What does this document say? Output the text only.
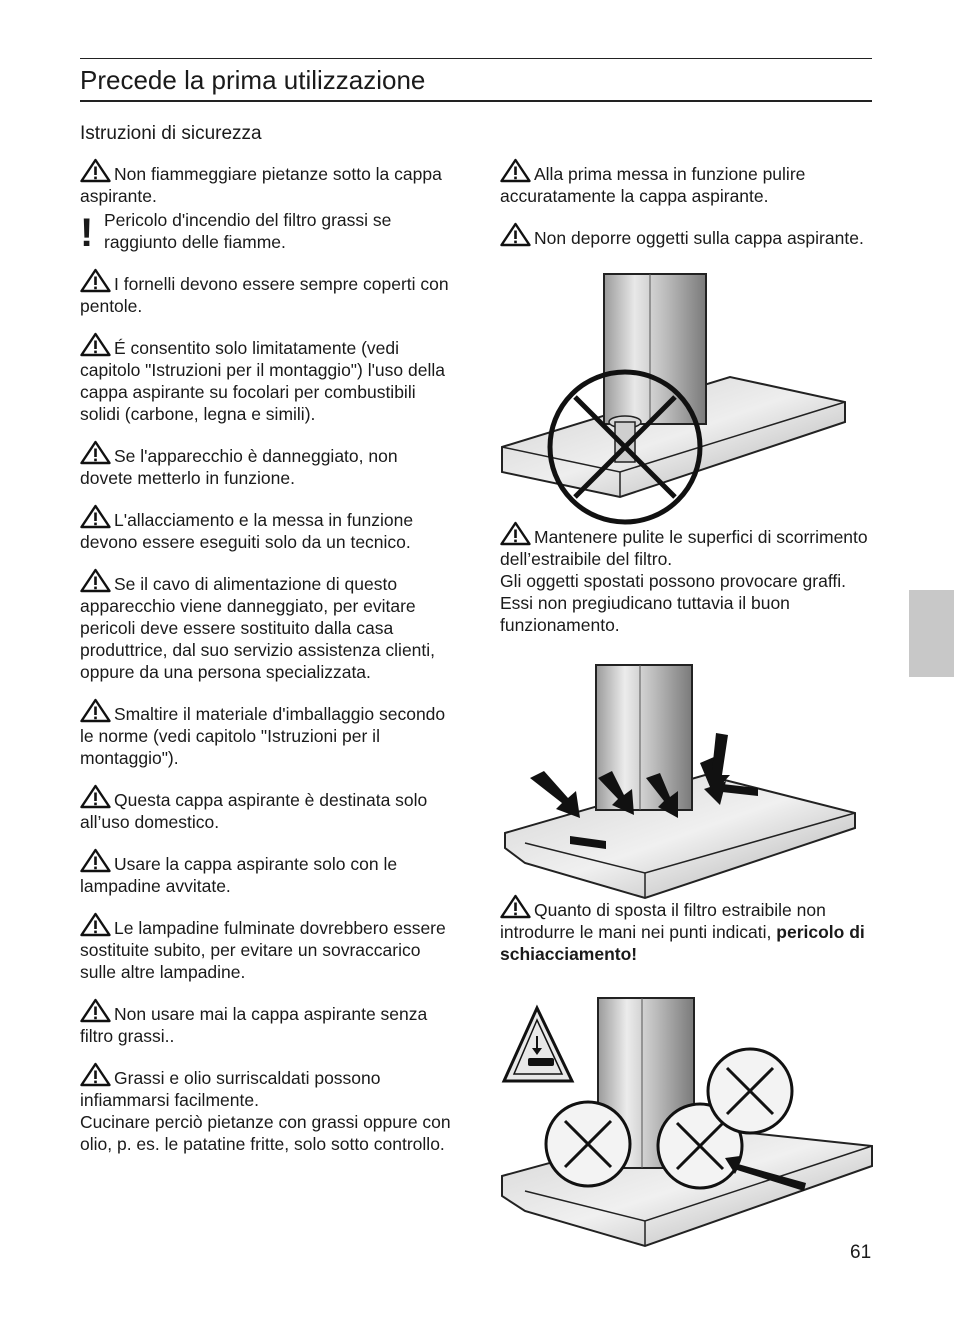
Precede la prima utilizzazione
Istruzioni di sicurezza

Non fiammeggiare pietanze sotto la cappa aspirante.

! Pericolo d'incendio del filtro grassi se raggiunto delle fiamme.

I fornelli devono essere sempre coperti con pentole.

É consentito solo limitatamente (vedi capitolo "Istruzioni per il montaggio") l'uso della cappa aspirante su focolari per combustibili solidi (carbone, legna e simili).

Se l'apparecchio è danneggiato, non dovete metterlo in funzione.

L'allacciamento e la messa in funzione devono essere eseguiti solo da un tecnico.

Se il cavo di alimentazione di questo apparecchio viene danneggiato, per evitare pericoli deve essere sostituito dalla casa produttrice, dal suo servizio assistenza clienti, oppure da una persona specializzata.

Smaltire il materiale d'imballaggio secondo le norme (vedi capitolo "Istruzioni per il montaggio").

Questa cappa aspirante è destinata solo all’uso domestico.

Usare la cappa aspirante solo con le lampadine avvitate.

Le lampadine fulminate dovrebbero essere sostituite subito, per evitare un sovraccarico sulle altre lampadine.

Non usare mai la cappa aspirante senza filtro grassi..

Grassi e olio surriscaldati possono infiammarsi facilmente.
Cucinare perciò pietanze con grassi oppure con olio, p. es. le patatine fritte, solo sotto controllo.

Alla prima messa in funzione pulire accuratamente la cappa aspirante.

Non deporre oggetti sulla cappa aspirante.

Mantenere pulite le superfici di scorrimento dell’estraibile del filtro.
Gli oggetti spostati possono provocare graffi. Essi non pregiudicano tuttavia il buon funzionamento.

Quanto di sposta il filtro estraibile non introdurre le mani nei punti indicati, pericolo di schiacciamento!

61
